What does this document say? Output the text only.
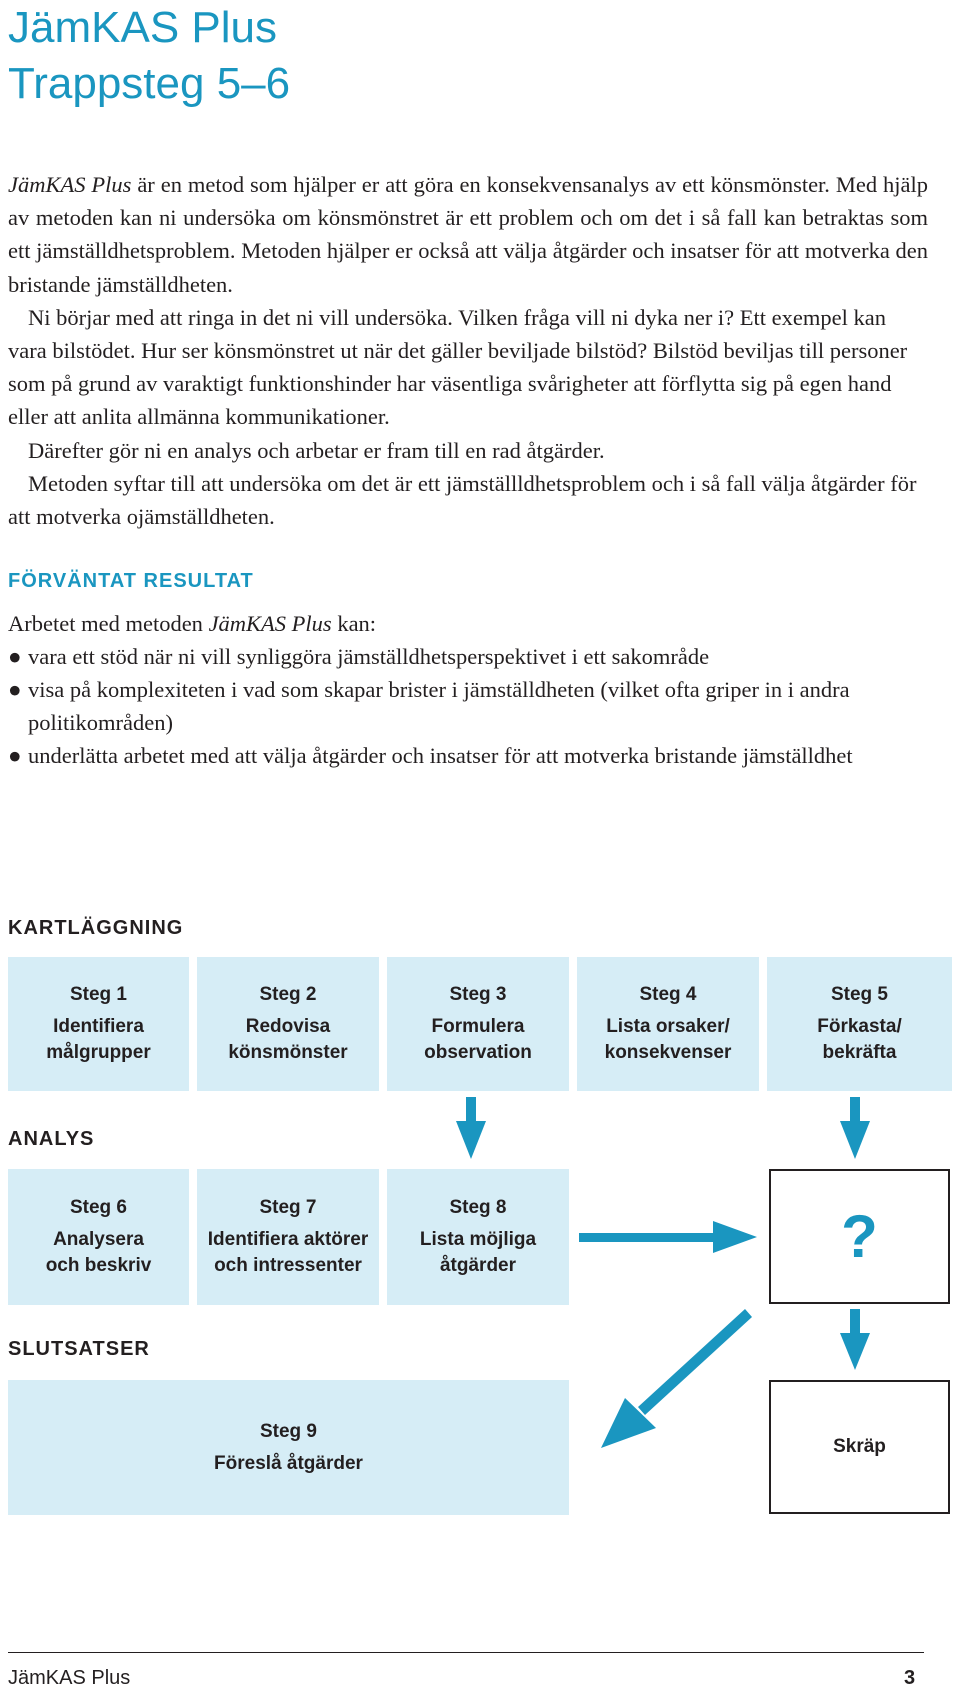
JämKAS Plus
Trappsteg 5–6

JämKAS Plus är en metod som hjälper er att göra en konsekvensanalys av ett könsmönster. Med hjälp av metoden kan ni undersöka om könsmönstret är ett problem och om det i så fall kan betraktas som ett jämställdhetsproblem. Metoden hjälper er också att välja åtgärder och insatser för att motverka den bristande jämställdheten.

Ni börjar med att ringa in det ni vill undersöka. Vilken fråga vill ni dyka ner i? Ett exempel kan vara bilstödet. Hur ser könsmönstret ut när det gäller beviljade bilstöd? Bilstöd beviljas till personer som på grund av varaktigt funktionshinder har väsentliga svårigheter att förflytta sig på egen hand eller att anlita allmänna kommunikationer.

Därefter gör ni en analys och arbetar er fram till en rad åtgärder.

Metoden syftar till att undersöka om det är ett jämställldhetsproblem och i så fall välja åtgärder för att motverka ojämställdheten.

FÖRVÄNTAT RESULTAT
Arbetet med metoden JämKAS Plus kan:
● vara ett stöd när ni vill synliggöra jämställdhetsperspektivet i ett sakområde
● visa på komplexiteten i vad som skapar brister i jämställdheten (vilket ofta griper in i andra politikområden)
● underlätta arbetet med att välja åtgärder och insatser för att motverka bristande jämställdhet
KARTLÄGGNING
ANALYS
SLUTSATSER
Steg 1
Identifiera
målgrupper
Steg 2
Redovisa
könsmönster
Steg 3
Formulera
observation
Steg 4
Lista orsaker/
konsekvenser
Steg 5
Förkasta/
bekräfta
Steg 6
Analysera
och beskriv
Steg 7
Identifiera aktörer
och intressenter
Steg 8
Lista möjliga
åtgärder	?
Steg 9
Föreslå åtgärder
Skräp
JämKAS Plus	3
